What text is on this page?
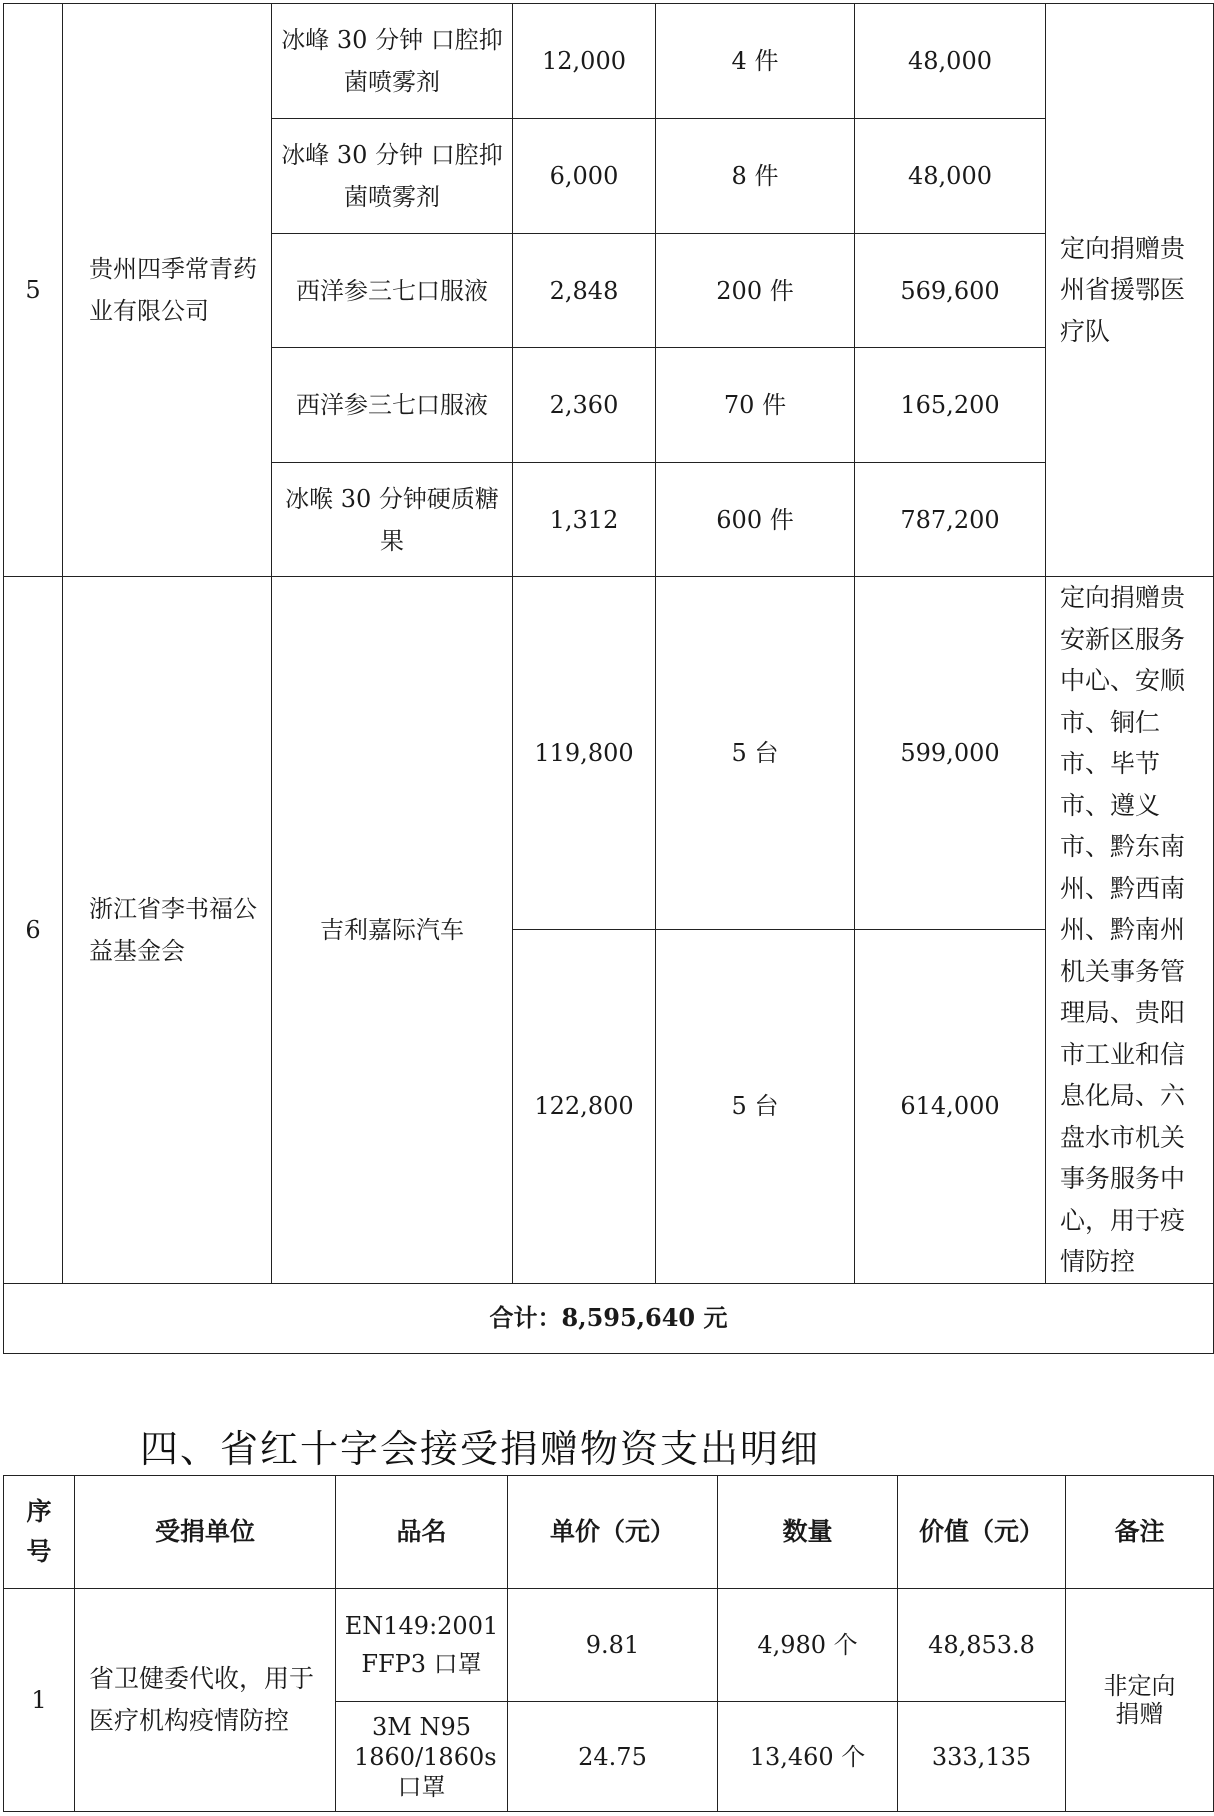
5	贵州四季常青药业有限公司	冰峰 30 分钟 口腔抑菌喷雾剂	12,000	4 件	48,000	定向捐赠贵州省援鄂医疗队
		冰峰 30 分钟 口腔抑菌喷雾剂	6,000	8 件	48,000	
		西洋参三七口服液	2,848	200 件	569,600	
		西洋参三七口服液	2,360	70 件	165,200	
		冰喉 30 分钟硬质糖果	1,312	600 件	787,200	
6	浙江省李书福公益基金会	吉利嘉际汽车	119,800	5 台	599,000	定向捐赠贵安新区服务中心、安顺市、铜仁市、毕节市、遵义市、黔东南州、黔西南州、黔南州机关事务管理局、贵阳市工业和信息化局、六盘水市机关事务服务中心，用于疫情防控
			122,800	5 台	614,000	
合计：8,595,640 元						
四、省红十字会接受捐赠物资支出明细
序号	受捐单位	品名	单价（元）	数量	价值（元）	备注
1	省卫健委代收，用于医疗机构疫情防控	EN149:2001 FFP3 口罩	9.81	4,980 个	48,853.8	非定向捐赠
		3M N95 1860/1860s 口罩	24.75	13,460 个	333,135	
